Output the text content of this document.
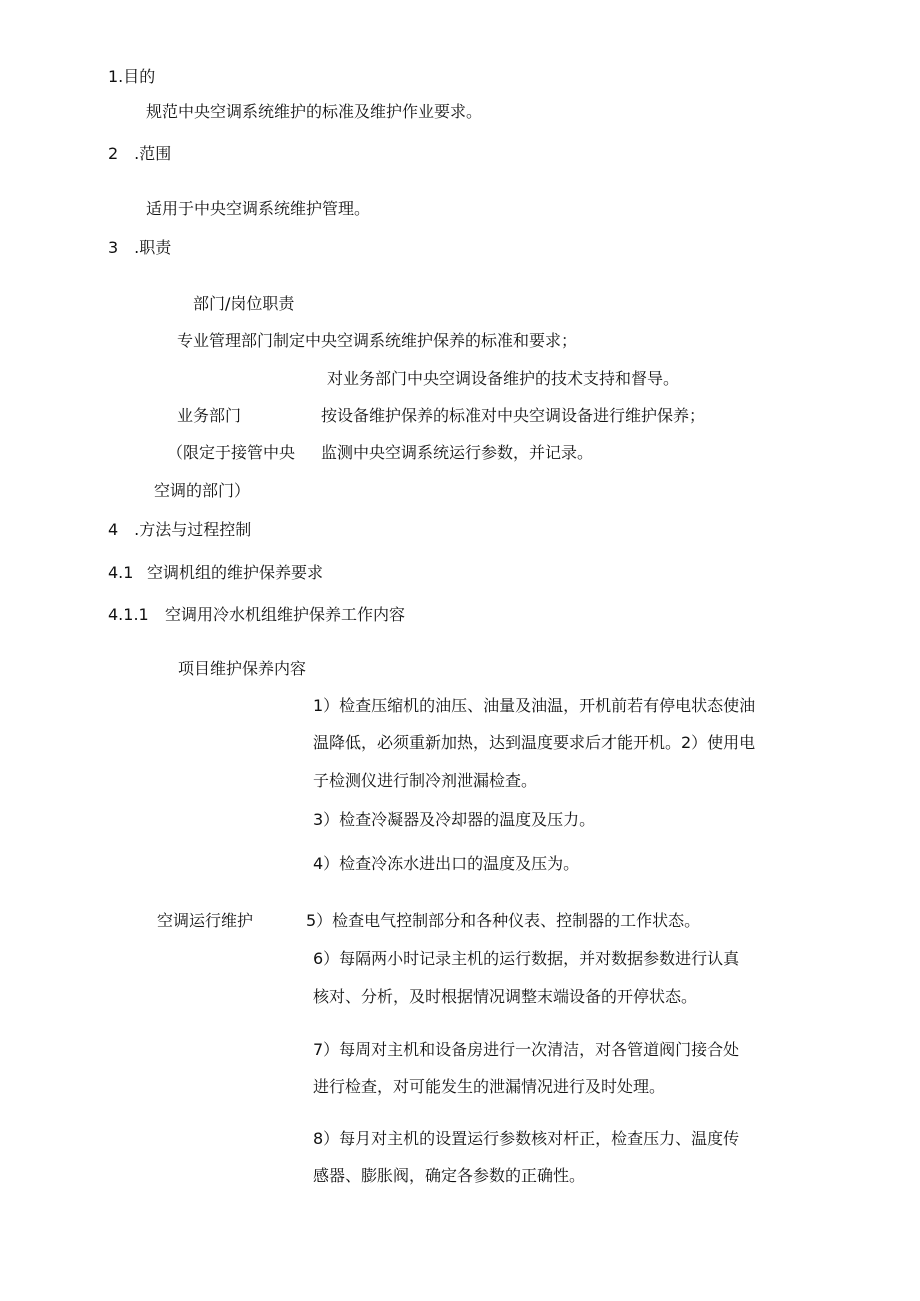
1.目的

规范中央空调系统维护的标准及维护作业要求。

2　.范围

适用于中央空调系统维护管理。

3　.职责

部门/岗位职责

专业管理部门制定中央空调系统维护保养的标准和要求；

对业务部门中央空调设备维护的技术支持和督导。

业务部门	按设备维护保养的标准对中央空调设备进行维护保养；

（限定于接管中央 监测中央空调系统运行参数，并记录。

空调的部门）

4　.方法与过程控制

4.1 空调机组的维护保养要求

4.1.1 空调用冷水机组维护保养工作内容

项目维护保养内容

1）检查压缩机的油压、油量及油温，开机前若有停电状态使油

温降低，必须重新加热，达到温度要求后才能开机。2）使用电

子检测仪进行制冷剂泄漏检查。

3）检查冷凝器及冷却器的温度及压力。

4）检查冷冻水进出口的温度及压为。

空调运行维护	5）检查电气控制部分和各种仪表、控制器的工作状态。

6）每隔两小时记录主机的运行数据，并对数据参数进行认真

核对、分析，及时根据情况调整末端设备的开停状态。

7）每周对主机和设备房进行一次清洁，对各管道阀门接合处

进行检查，对可能发生的泄漏情况进行及时处理。

8）每月对主机的设置运行参数核对杆正，检查压力、温度传

感器、膨胀阀，确定各参数的正确性。
